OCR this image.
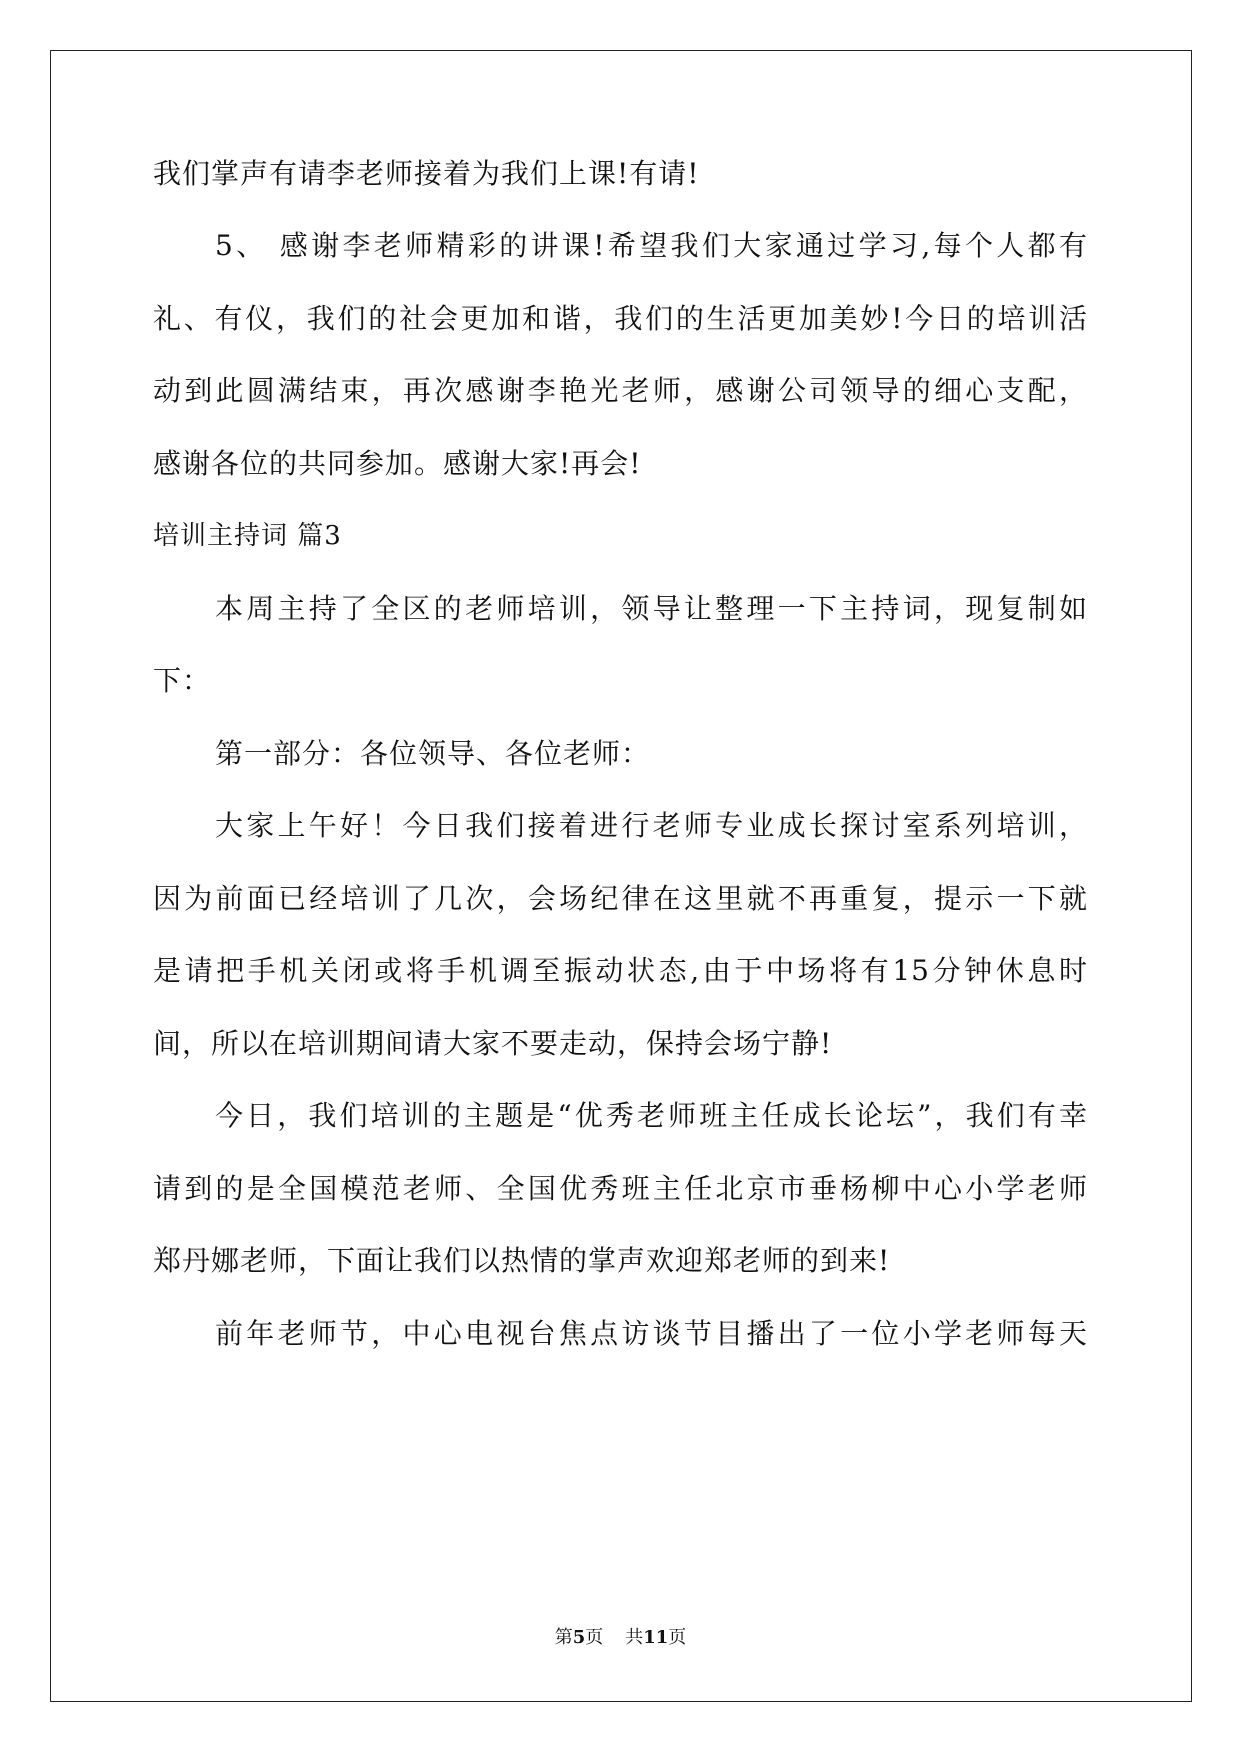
我们掌声有请李老师接着为我们上课!有请!
5、 感谢李老师精彩的讲课!希望我们大家通过学习,每个人都有
礼、有仪，我们的社会更加和谐，我们的生活更加美妙!今日的培训活
动到此圆满结束，再次感谢李艳光老师，感谢公司领导的细心支配，
感谢各位的共同参加。感谢大家!再会!
培训主持词 篇3
本周主持了全区的老师培训，领导让整理一下主持词，现复制如
下：
第一部分：各位领导、各位老师：
大家上午好！今日我们接着进行老师专业成长探讨室系列培训，
因为前面已经培训了几次，会场纪律在这里就不再重复，提示一下就
是请把手机关闭或将手机调至振动状态,由于中场将有15分钟休息时
间，所以在培训期间请大家不要走动，保持会场宁静!
今日，我们培训的主题是“优秀老师班主任成长论坛”，我们有幸
请到的是全国模范老师、全国优秀班主任北京市垂杨柳中心小学老师
郑丹娜老师，下面让我们以热情的掌声欢迎郑老师的到来!
前年老师节，中心电视台焦点访谈节目播出了一位小学老师每天
第5页 共11页
